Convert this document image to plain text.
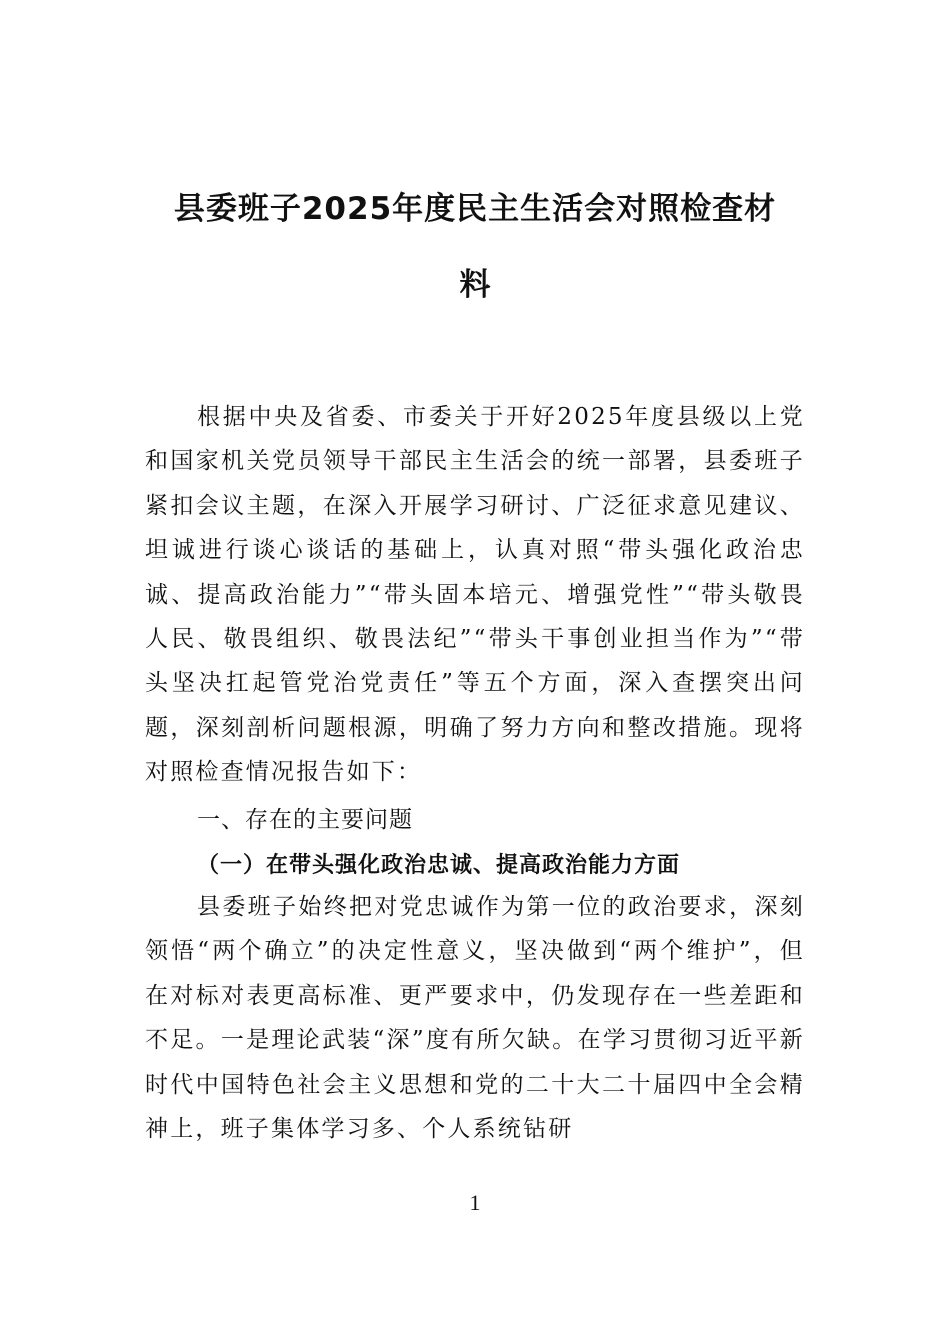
县委班子2025年度民主生活会对照检查材
料

根据中央及省委、市委关于开好2025年度县级以上党和国家机关党员领导干部民主生活会的统一部署，县委班子紧扣会议主题，在深入开展学习研讨、广泛征求意见建议、坦诚进行谈心谈话的基础上，认真对照“带头强化政治忠诚、提高政治能力”“带头固本培元、增强党性”“带头敬畏人民、敬畏组织、敬畏法纪”“带头干事创业担当作为”“带头坚决扛起管党治党责任”等五个方面，深入查摆突出问题，深刻剖析问题根源，明确了努力方向和整改措施。现将对照检查情况报告如下：

一、存在的主要问题

（一）在带头强化政治忠诚、提高政治能力方面

县委班子始终把对党忠诚作为第一位的政治要求，深刻领悟“两个确立”的决定性意义，坚决做到“两个维护”，但在对标对表更高标准、更严要求中，仍发现存在一些差距和不足。一是理论武装“深”度有所欠缺。在学习贯彻习近平新时代中国特色社会主义思想和党的二十大二十届四中全会精神上，班子集体学习多、个人系统钻研

1
